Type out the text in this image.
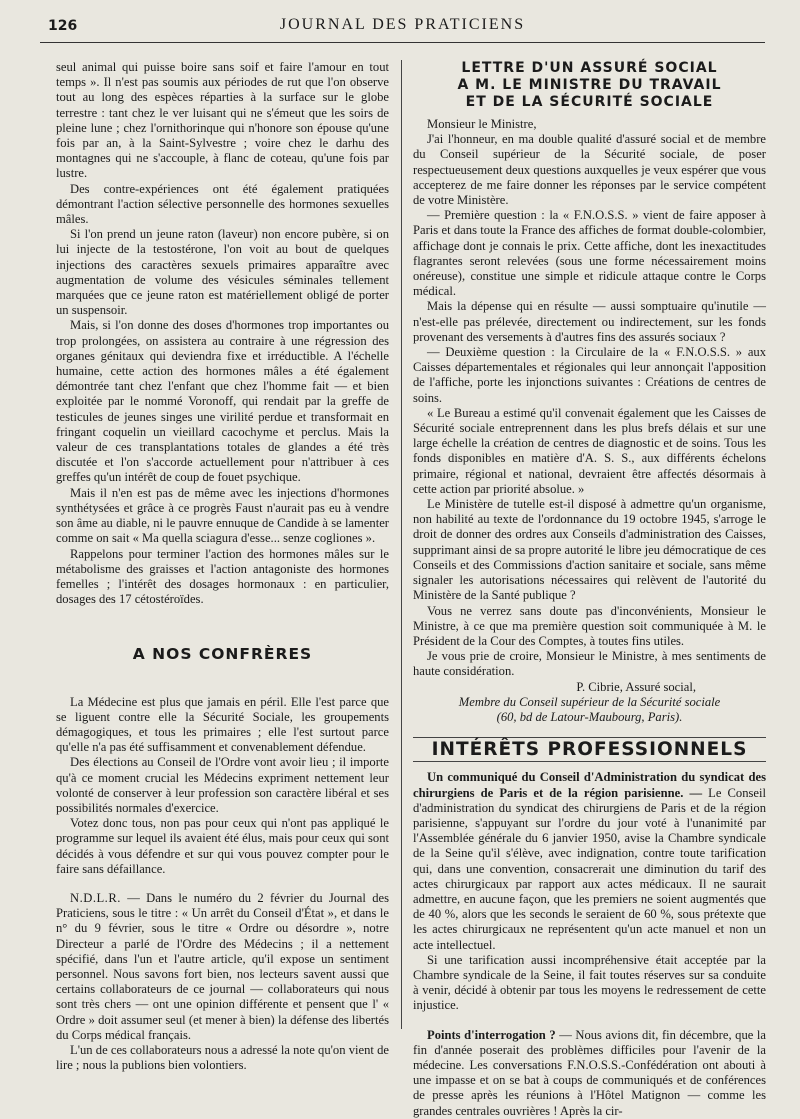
126	JOURNAL DES PRATICIENS

seul animal qui puisse boire sans soif et faire l'amour en tout temps ». Il n'est pas soumis aux périodes de rut que l'on observe tout au long des espèces réparties à la surface sur le globe terrestre : tant chez le ver luisant qui ne s'émeut que les soirs de pleine lune ; chez l'ornithorinque qui n'honore son épouse qu'une fois par an, à la Saint-Sylvestre ; voire chez le darhu des montagnes qui ne s'accouple, à flanc de coteau, qu'une fois par lustre.

Des contre-expériences ont été également pratiquées démontrant l'action sélective personnelle des hormones sexuelles mâles.

Si l'on prend un jeune raton (laveur) non encore pubère, si on lui injecte de la testostérone, l'on voit au bout de quelques injections des caractères sexuels primaires apparaître avec augmentation de volume des vésicules séminales tellement marquées que ce jeune raton est matériellement obligé de porter un suspensoir.

Mais, si l'on donne des doses d'hormones trop importantes ou trop prolongées, on assistera au contraire à une régression des organes génitaux qui deviendra fixe et irréductible. A l'échelle humaine, cette action des hormones mâles a été également démontrée tant chez l'enfant que chez l'homme fait — et bien exploitée par le nommé Voronoff, qui rendait par la greffe de testicules de jeunes singes une virilité perdue et transformait en fringant coquelin un vieillard cacochyme et perclus. Mais la valeur de ces transplantations totales de glandes a été très discutée et l'on s'accorde actuellement pour n'attribuer à ces greffes qu'un intérêt de coup de fouet psychique.

Mais il n'en est pas de même avec les injections d'hormones synthétysées et grâce à ce progrès Faust n'aurait pas eu à vendre son âme au diable, ni le pauvre ennuque de Candide à se lamenter comme on sait « Ma quella sciagura d'esse... senze cogliones ».

Rappelons pour terminer l'action des hormones mâles sur le métabolisme des graisses et l'action antagoniste des hormones femelles ; l'intérêt des dosages hormonaux : en particulier, dosages des 17 cétostéroïdes.

A NOS CONFRÈRES

La Médecine est plus que jamais en péril. Elle l'est parce que se liguent contre elle la Sécurité Sociale, les groupements démagogiques, et tous les primaires ; elle l'est surtout parce qu'elle n'a pas été suffisamment et convenablement défendue.

Des élections au Conseil de l'Ordre vont avoir lieu ; il importe qu'à ce moment crucial les Médecins expriment nettement leur volonté de conserver à leur profession son caractère libéral et ses possibilités normales d'exercice.

Votez donc tous, non pas pour ceux qui n'ont pas appliqué le programme sur lequel ils avaient été élus, mais pour ceux qui sont décidés à vous défendre et sur qui vous pouvez compter pour le faire sans défaillance.

N.D.L.R. — Dans le numéro du 2 février du Journal des Praticiens, sous le titre : « Un arrêt du Conseil d'État », et dans le n° du 9 février, sous le titre « Ordre ou désordre », notre Directeur a parlé de l'Ordre des Médecins ; il a nettement spécifié, dans l'un et l'autre article, qu'il expose un sentiment personnel. Nous savons fort bien, nos lecteurs savent aussi que certains collaborateurs de ce journal — collaborateurs qui nous sont très chers — ont une opinion différente et pensent que l' « Ordre » doit assumer seul (et mener à bien) la défense des libertés du Corps médical français.

L'un de ces collaborateurs nous a adressé la note qu'on vient de lire ; nous la publions bien volontiers.

LETTRE D'UN ASSURÉ SOCIAL
A M. LE MINISTRE DU TRAVAIL
ET DE LA SÉCURITÉ SOCIALE

Monsieur le Ministre,

J'ai l'honneur, en ma double qualité d'assuré social et de membre du Conseil supérieur de la Sécurité sociale, de poser respectueusement deux questions auxquelles je veux espérer que vous accepterez de me faire donner les réponses par le service compétent de votre Ministère.

— Première question : la « F.N.O.S.S. » vient de faire apposer à Paris et dans toute la France des affiches de format double-colombier, affichage dont je connais le prix. Cette affiche, dont les inexactitudes flagrantes seront relevées (sous une forme nécessairement moins onéreuse), constitue une simple et ridicule attaque contre le Corps médical.

Mais la dépense qui en résulte — aussi somptuaire qu'inutile — n'est-elle pas prélevée, directement ou indirectement, sur les fonds provenant des versements à d'autres fins des assurés sociaux ?

— Deuxième question : la Circulaire de la « F.N.O.S.S. » aux Caisses départementales et régionales qui leur annonçait l'apposition de l'affiche, porte les injonctions suivantes : Créations de centres de soins.

« Le Bureau a estimé qu'il convenait également que les Caisses de Sécurité sociale entreprennent dans les plus brefs délais et sur une large échelle la création de centres de diagnostic et de soins. Tous les fonds disponibles en matière d'A. S. S., aux différents échelons primaire, régional et national, devraient être affectés désormais à cette action par priorité absolue. »

Le Ministère de tutelle est-il disposé à admettre qu'un organisme, non habilité au texte de l'ordonnance du 19 octobre 1945, s'arroge le droit de donner des ordres aux Conseils d'administration des Caisses, supprimant ainsi de sa propre autorité le libre jeu démocratique de ces Conseils et des Commissions d'action sanitaire et sociale, sans même signaler les autorisations nécessaires qui relèvent de l'autorité du Ministère de la Santé publique ?

Vous ne verrez sans doute pas d'inconvénients, Monsieur le Ministre, à ce que ma première question soit communiquée à M. le Président de la Cour des Comptes, à toutes fins utiles.

Je vous prie de croire, Monsieur le Ministre, à mes sentiments de haute considération.

P. Cibrie, Assuré social,

Membre du Conseil supérieur de la Sécurité sociale

(60, bd de Latour-Maubourg, Paris).

INTÉRÊTS PROFESSIONNELS

Un communiqué du Conseil d'Administration du syndicat des chirurgiens de Paris et de la région parisienne. — Le Conseil d'administration du syndicat des chirurgiens de Paris et de la région parisienne, s'appuyant sur l'ordre du jour voté à l'unanimité par l'Assemblée générale du 6 janvier 1950, avise la Chambre syndicale de la Seine qu'il s'élève, avec indignation, contre toute tarification qui, dans une convention, consacrerait une diminution du tarif des actes chirurgicaux par rapport aux actes médicaux. Il ne saurait admettre, en aucune façon, que les premiers ne soient augmentés que de 40 %, alors que les seconds le seraient de 60 %, sous prétexte que les actes chirurgicaux ne représentent qu'un acte manuel et non un acte intellectuel.

Si une tarification aussi incompréhensive était acceptée par la Chambre syndicale de la Seine, il fait toutes réserves sur sa conduite à venir, décidé à obtenir par tous les moyens le redressement de cette injustice.

Points d'interrogation ? — Nous avions dit, fin décembre, que la fin d'année poserait des problèmes difficiles pour l'avenir de la médecine. Les conversations F.N.O.S.S.-Confédération ont abouti à une impasse et on se bat à coups de communiqués et de conférences de presse après les réunions à l'Hôtel Matignon — comme les grandes centrales ouvrières ! Après la cir-
